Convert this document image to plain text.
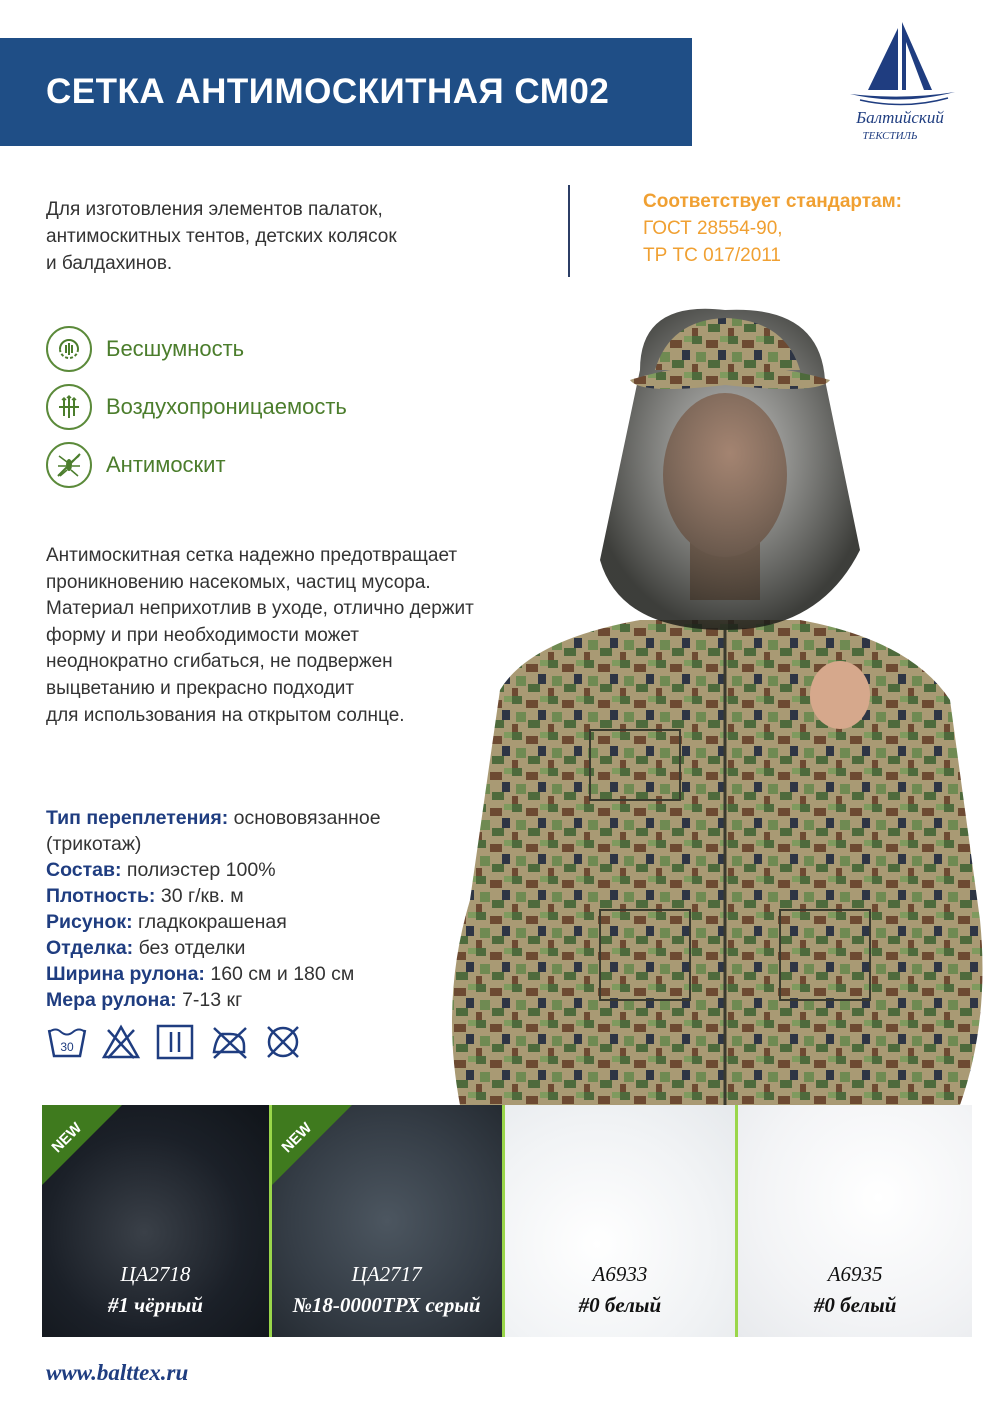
СЕТКА АНТИМОСКИТНАЯ СМ02
Балтийский
ТЕКСТИЛЬ
Для изготовления элементов палаток,
антимоскитных тентов, детских колясок
и балдахинов.
Соответствует стандартам:
ГОСТ 28554-90,
ТР ТС 017/2011
Бесшумность
Воздухопроницаемость
Антимоскит
Антимоскитная сетка надежно предотвращает
проникновению насекомых, частиц мусора.
Материал неприхотлив в уходе, отлично держит
форму и при необходимости может
неоднократно сгибаться, не подвержен
выцветанию и прекрасно подходит
для использования на открытом солнце.
Тип переплетения: основовязанное
(трикотаж)
Состав: полиэстер 100%
Плотность: 30 г/кв. м
Рисунок: гладкокрашеная
Отделка: без отделки
Ширина рулона: 160 см и 180 см
Мера рулона: 7-13 кг
30
NEW
ЦА2718
#1 чёрный
NEW
ЦА2717
№18-0000ТРХ серый
А6933
#0 белый
А6935
#0 белый
www.balttex.ru
